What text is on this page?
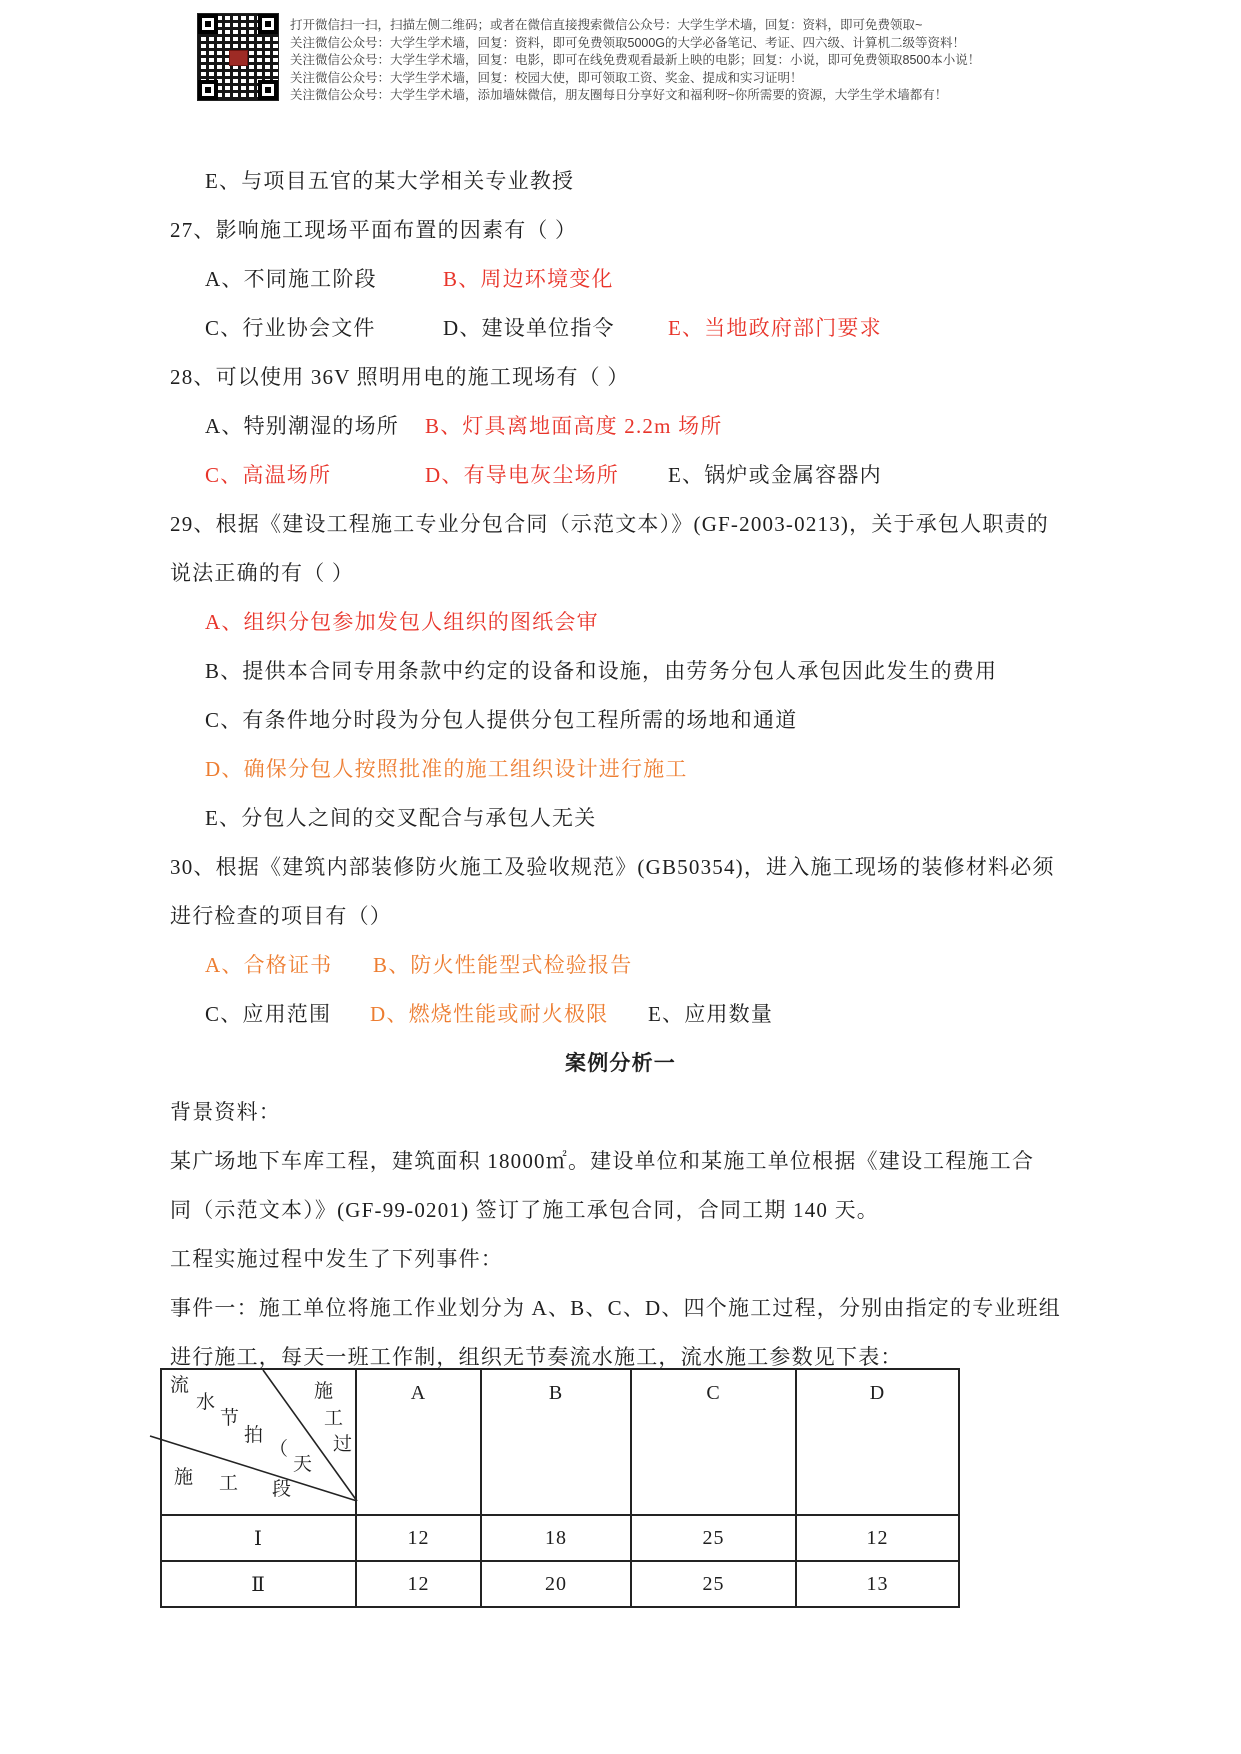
打开微信扫一扫，扫描左侧二维码；或者在微信直接搜索微信公众号：大学生学术墙，回复：资料，即可免费领取~
关注微信公众号：大学生学术墙，回复：资料，即可免费领取5000G的大学必备笔记、考证、四六级、计算机二级等资料！
关注微信公众号：大学生学术墙，回复：电影，即可在线免费观看最新上映的电影；回复：小说，即可免费领取8500本小说！
关注微信公众号：大学生学术墙，回复：校园大使，即可领取工资、奖金、提成和实习证明！
关注微信公众号：大学生学术墙，添加墙妹微信，朋友圈每日分享好文和福利呀~你所需要的资源，大学生学术墙都有！
E、与项目五官的某大学相关专业教授
27、影响施工现场平面布置的因素有（ ）
A、不同施工阶段	B、周边环境变化
C、行业协会文件	D、建设单位指令	E、当地政府部门要求
28、可以使用 36V 照明用电的施工现场有（ ）
A、特别潮湿的场所 B、灯具离地面高度 2.2m 场所
C、高温场所	D、有导电灰尘场所 E、锅炉或金属容器内
29、根据《建设工程施工专业分包合同（示范文本）》(GF-2003-0213)，关于承包人职责的
说法正确的有（ ）
A、组织分包参加发包人组织的图纸会审
B、提供本合同专用条款中约定的设备和设施，由劳务分包人承包因此发生的费用
C、有条件地分时段为分包人提供分包工程所需的场地和通道
D、确保分包人按照批准的施工组织设计进行施工
E、分包人之间的交叉配合与承包人无关
30、根据《建筑内部装修防火施工及验收规范》(GB50354)，进入施工现场的装修材料必须
进行检查的项目有（）
A、合格证书 B、防火性能型式检验报告
C、应用范围 D、燃烧性能或耐火极限 E、应用数量
案例分析一
背景资料：
某广场地下车库工程，建筑面积 18000㎡。建设单位和某施工单位根据《建设工程施工合
同（示范文本）》(GF-99-0201) 签订了施工承包合同，合同工期 140 天。
工程实施过程中发生了下列事件：
事件一：施工单位将施工作业划分为 A、B、C、D、四个施工过程，分别由指定的专业班组
进行施工，每天一班工作制，组织无节奏流水施工，流水施工参数见下表：
流
水
节
拍
（
天
施
工
过
施 工 段
	A	B	C	D
Ⅰ	12	18	25	12
Ⅱ	12	20	25	13
